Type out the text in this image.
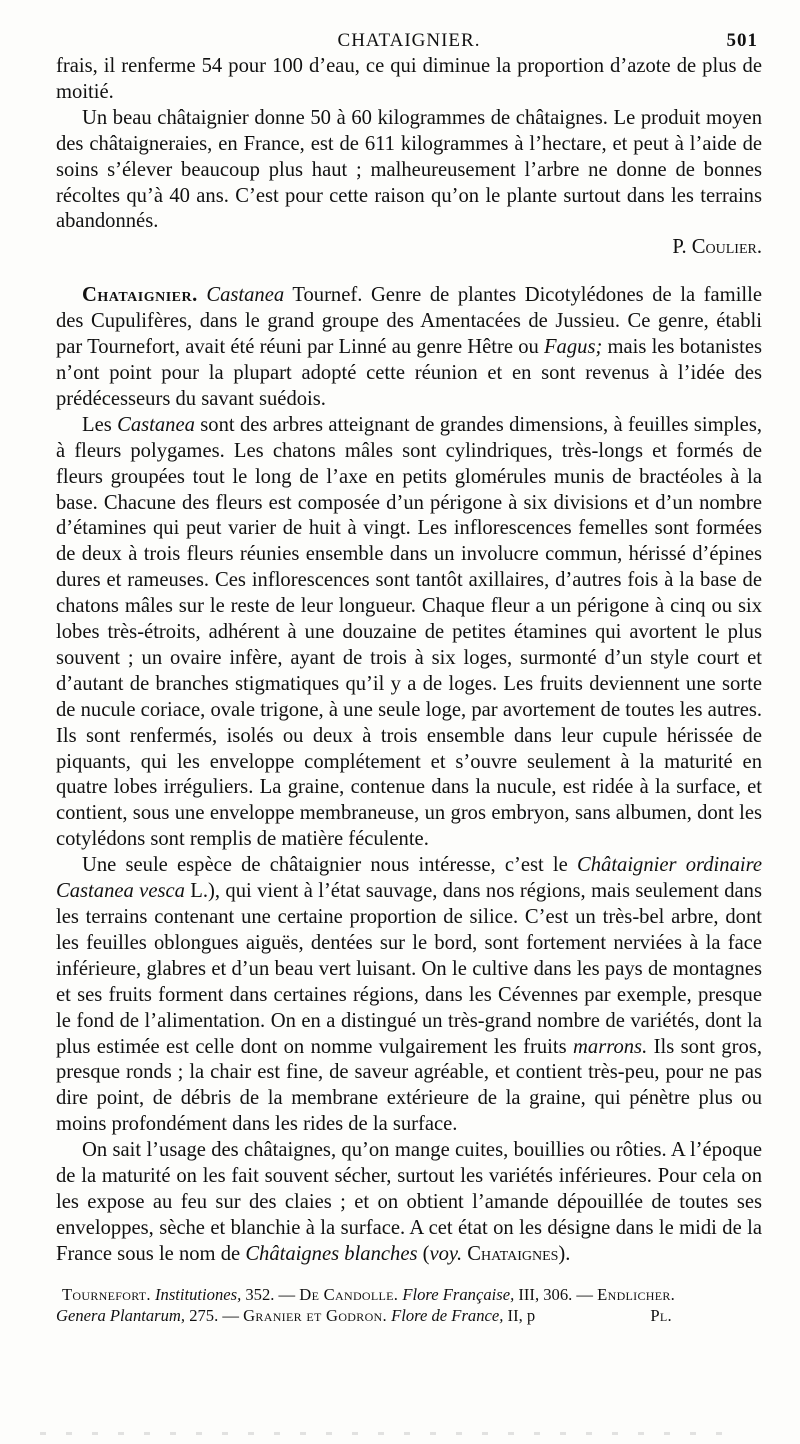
CHATAIGNIER.	501

frais, il renferme 54 pour 100 d’eau, ce qui diminue la proportion d’azote de plus de moitié.

Un beau châtaignier donne 50 à 60 kilogrammes de châtaignes. Le produit moyen des châtaigneraies, en France, est de 611 kilogrammes à l’hectare, et peut à l’aide de soins s’élever beaucoup plus haut ; malheureusement l’arbre ne donne de bonnes récoltes qu’à 40 ans. C’est pour cette raison qu’on le plante surtout dans les terrains abandonnés.

P. Coulier.

Chataignier. Castanea Tournef. Genre de plantes Dicotylédones de la famille des Cupulifères, dans le grand groupe des Amentacées de Jussieu. Ce genre, établi par Tournefort, avait été réuni par Linné au genre Hêtre ou Fagus; mais les botanistes n’ont point pour la plupart adopté cette réunion et en sont revenus à l’idée des prédécesseurs du savant suédois.

Les Castanea sont des arbres atteignant de grandes dimensions, à feuilles simples, à fleurs polygames. Les chatons mâles sont cylindriques, très-longs et formés de fleurs groupées tout le long de l’axe en petits glomérules munis de bractéoles à la base. Chacune des fleurs est composée d’un périgone à six divisions et d’un nombre d’étamines qui peut varier de huit à vingt. Les inflorescences femelles sont formées de deux à trois fleurs réunies ensemble dans un involucre commun, hérissé d’épines dures et rameuses. Ces inflorescences sont tantôt axillaires, d’autres fois à la base de chatons mâles sur le reste de leur longueur. Chaque fleur a un périgone à cinq ou six lobes très-étroits, adhérent à une douzaine de petites étamines qui avortent le plus souvent ; un ovaire infère, ayant de trois à six loges, surmonté d’un style court et d’autant de branches stigmatiques qu’il y a de loges. Les fruits deviennent une sorte de nucule coriace, ovale trigone, à une seule loge, par avortement de toutes les autres. Ils sont renfermés, isolés ou deux à trois ensemble dans leur cupule hérissée de piquants, qui les enveloppe complétement et s’ouvre seulement à la maturité en quatre lobes irréguliers. La graine, contenue dans la nucule, est ridée à la surface, et contient, sous une enveloppe membraneuse, un gros embryon, sans albumen, dont les cotylédons sont remplis de matière féculente.

Une seule espèce de châtaignier nous intéresse, c’est le Châtaignier ordinaire Castanea vesca L.), qui vient à l’état sauvage, dans nos régions, mais seulement dans les terrains contenant une certaine proportion de silice. C’est un très-bel arbre, dont les feuilles oblongues aiguës, dentées sur le bord, sont fortement nerviées à la face inférieure, glabres et d’un beau vert luisant. On le cultive dans les pays de montagnes et ses fruits forment dans certaines régions, dans les Cévennes par exemple, presque le fond de l’alimentation. On en a distingué un très-grand nombre de variétés, dont la plus estimée est celle dont on nomme vulgairement les fruits marrons. Ils sont gros, presque ronds ; la chair est fine, de saveur agréable, et contient très-peu, pour ne pas dire point, de débris de la membrane extérieure de la graine, qui pénètre plus ou moins profondément dans les rides de la surface.

On sait l’usage des châtaignes, qu’on mange cuites, bouillies ou rôties. A l’époque de la maturité on les fait souvent sécher, surtout les variétés inférieures. Pour cela on les expose au feu sur des claies ; et on obtient l’amande dépouillée de toutes ses enveloppes, sèche et blanchie à la surface. A cet état on les désigne dans le midi de la France sous le nom de Châtaignes blanches (voy. Chataignes).

Tournefort. Institutiones, 352. — De Candolle. Flore Française, III, 306. — Endlicher.
Genera Plantarum, 275. — Granier et Godron. Flore de France, II, p	Pl.
